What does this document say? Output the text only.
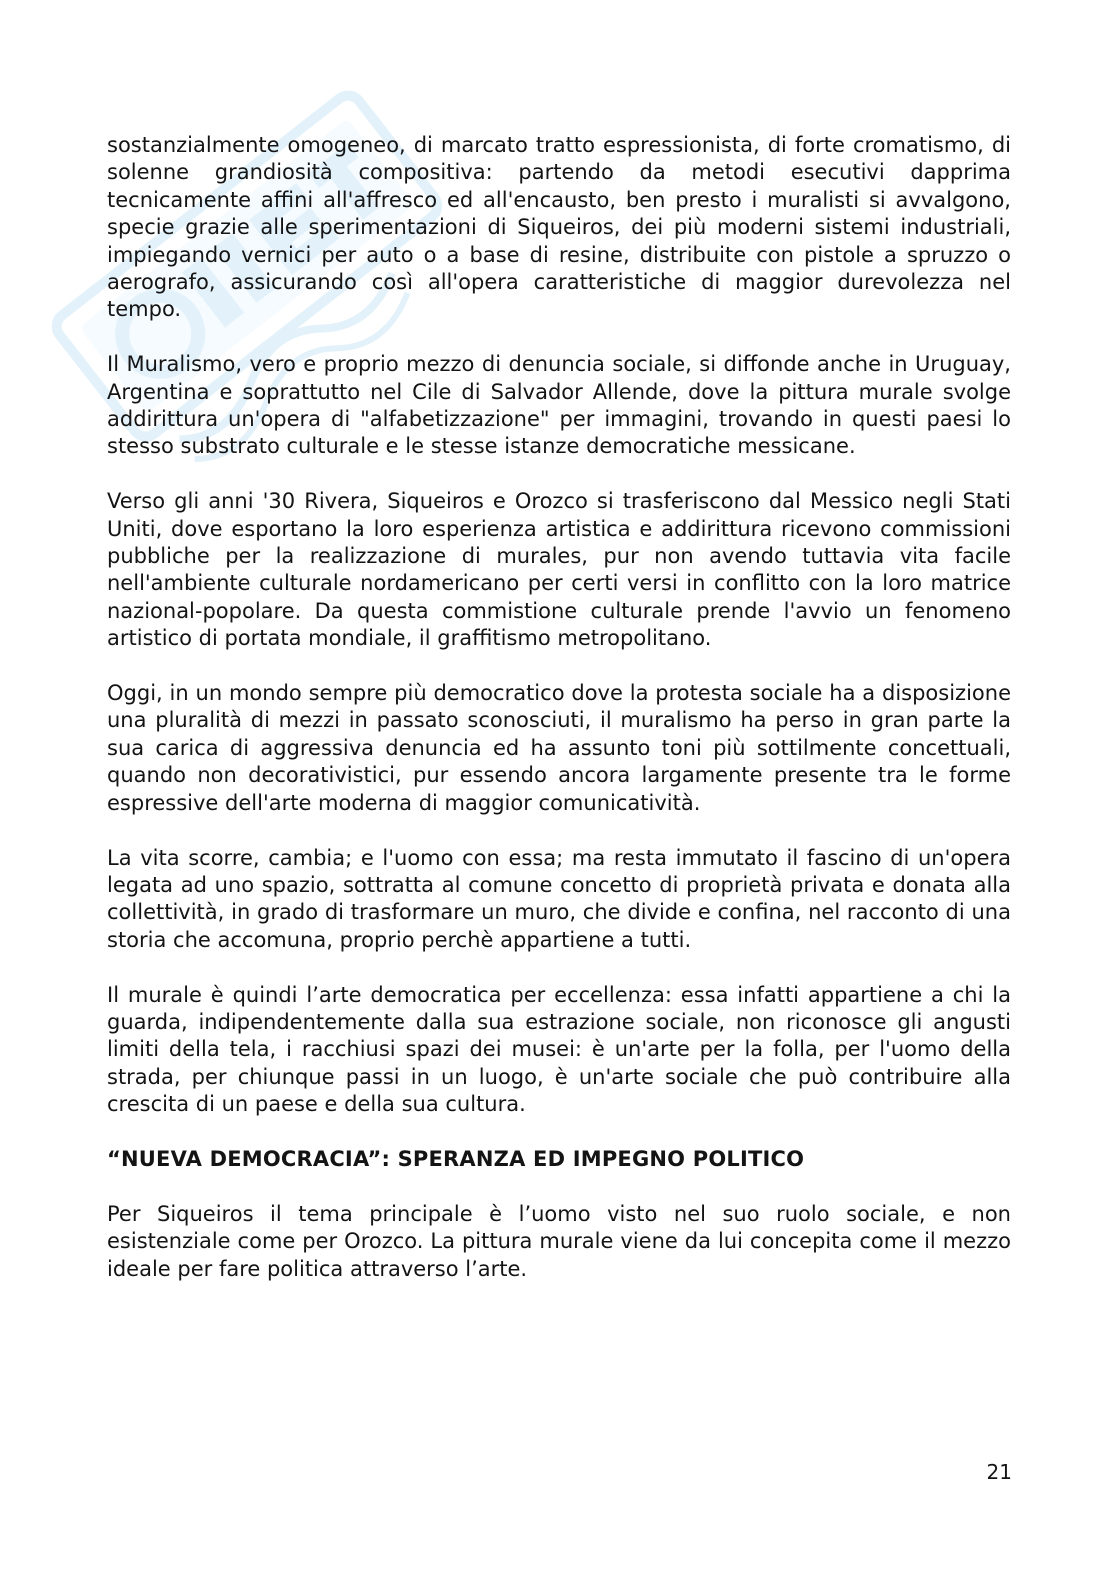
sostanzialmente omogeneo, di marcato tratto espressionista, di forte cromatismo, di solenne grandiosità compositiva: partendo da metodi esecutivi dapprima tecnicamente affini all'affresco ed all'encausto, ben presto i muralisti si avvalgono, specie grazie alle sperimentazioni di Siqueiros, dei più moderni sistemi industriali, impiegando vernici per auto o a base di resine, distribuite con pistole a spruzzo o aerografo, assicurando così all'opera caratteristiche di maggior durevolezza nel tempo.

Il Muralismo, vero e proprio mezzo di denuncia sociale, si diffonde anche in Uruguay, Argentina e soprattutto nel Cile di Salvador Allende, dove la pittura murale svolge addirittura un'opera di "alfabetizzazione" per immagini, trovando in questi paesi lo stesso substrato culturale e le stesse istanze democratiche messicane.

Verso gli anni '30 Rivera, Siqueiros e Orozco si trasferiscono dal Messico negli Stati Uniti, dove esportano la loro esperienza artistica e addirittura ricevono commissioni pubbliche per la realizzazione di murales, pur non avendo tuttavia vita facile nell'ambiente culturale nordamericano per certi versi in conflitto con la loro matrice nazional-popolare. Da questa commistione culturale prende l'avvio un fenomeno artistico di portata mondiale, il graffitismo metropolitano.

Oggi, in un mondo sempre più democratico dove la protesta sociale ha a disposizione una pluralità di mezzi in passato sconosciuti, il muralismo ha perso in gran parte la sua carica di aggressiva denuncia ed ha assunto toni più sottilmente concettuali, quando non decorativistici, pur essendo ancora largamente presente tra le forme espressive dell'arte moderna di maggior comunicatività.

La vita scorre, cambia; e l'uomo con essa; ma resta immutato il fascino di un'opera legata ad uno spazio, sottratta al comune concetto di proprietà privata e donata alla collettività, in grado di trasformare un muro, che divide e confina, nel racconto di una storia che accomuna, proprio perchè appartiene a tutti.

Il murale è quindi l’arte democratica per eccellenza: essa infatti appartiene a chi la guarda, indipendentemente dalla sua estrazione sociale, non riconosce gli angusti limiti della tela, i racchiusi spazi dei musei: è un'arte per la folla, per l'uomo della strada, per chiunque passi in un luogo, è un'arte sociale che può contribuire alla crescita di un paese e della sua cultura.

“NUEVA DEMOCRACIA”: SPERANZA ED IMPEGNO POLITICO

Per Siqueiros il tema principale è l’uomo visto nel suo ruolo sociale, e non esistenziale come per Orozco. La pittura murale viene da lui concepita come il mezzo ideale per fare politica attraverso l’arte.

21
